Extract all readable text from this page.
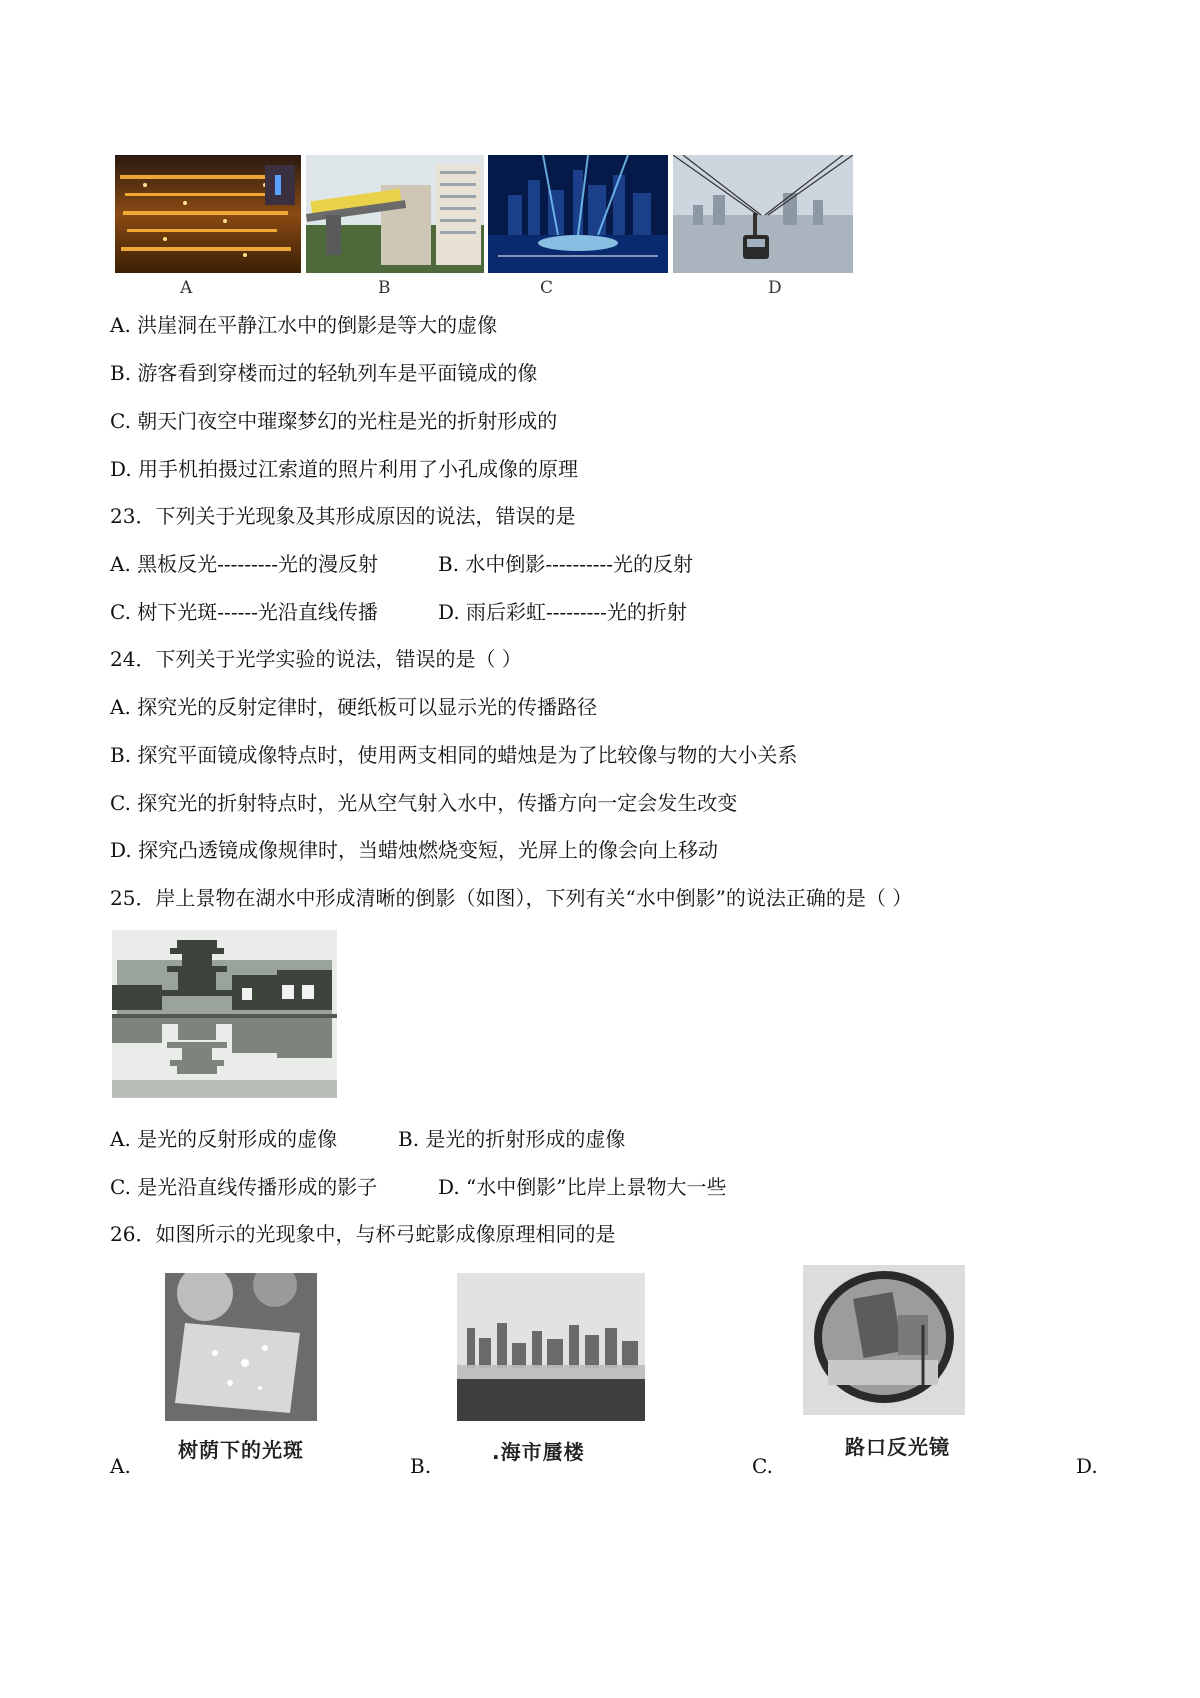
A	B	C	D
A. 洪崖洞在平静江水中的倒影是等大的虚像
B. 游客看到穿楼而过的轻轨列车是平面镜成的像
C. 朝天门夜空中璀璨梦幻的光柱是光的折射形成的
D. 用手机拍摄过江索道的照片利用了小孔成像的原理
23．下列关于光现象及其形成原因的说法，错误的是
A. 黑板反光---------光的漫反射	B. 水中倒影----------光的反射
C. 树下光斑------光沿直线传播	D. 雨后彩虹---------光的折射
24．下列关于光学实验的说法，错误的是（ ）
A. 探究光的反射定律时，硬纸板可以显示光的传播路径
B. 探究平面镜成像特点时，使用两支相同的蜡烛是为了比较像与物的大小关系
C. 探究光的折射特点时，光从空气射入水中，传播方向一定会发生改变
D. 探究凸透镜成像规律时，当蜡烛燃烧变短，光屏上的像会向上移动
25．岸上景物在湖水中形成清晰的倒影（如图），下列有关“水中倒影”的说法正确的是（ ）
A. 是光的反射形成的虚像	B. 是光的折射形成的虚像
C. 是光沿直线传播形成的影子	D. “水中倒影”比岸上景物大一些
26．如图所示的光现象中，与杯弓蛇影成像原理相同的是
A.
树荫下的光斑
B.
.海市蜃楼
C.
路口反光镜
D.
